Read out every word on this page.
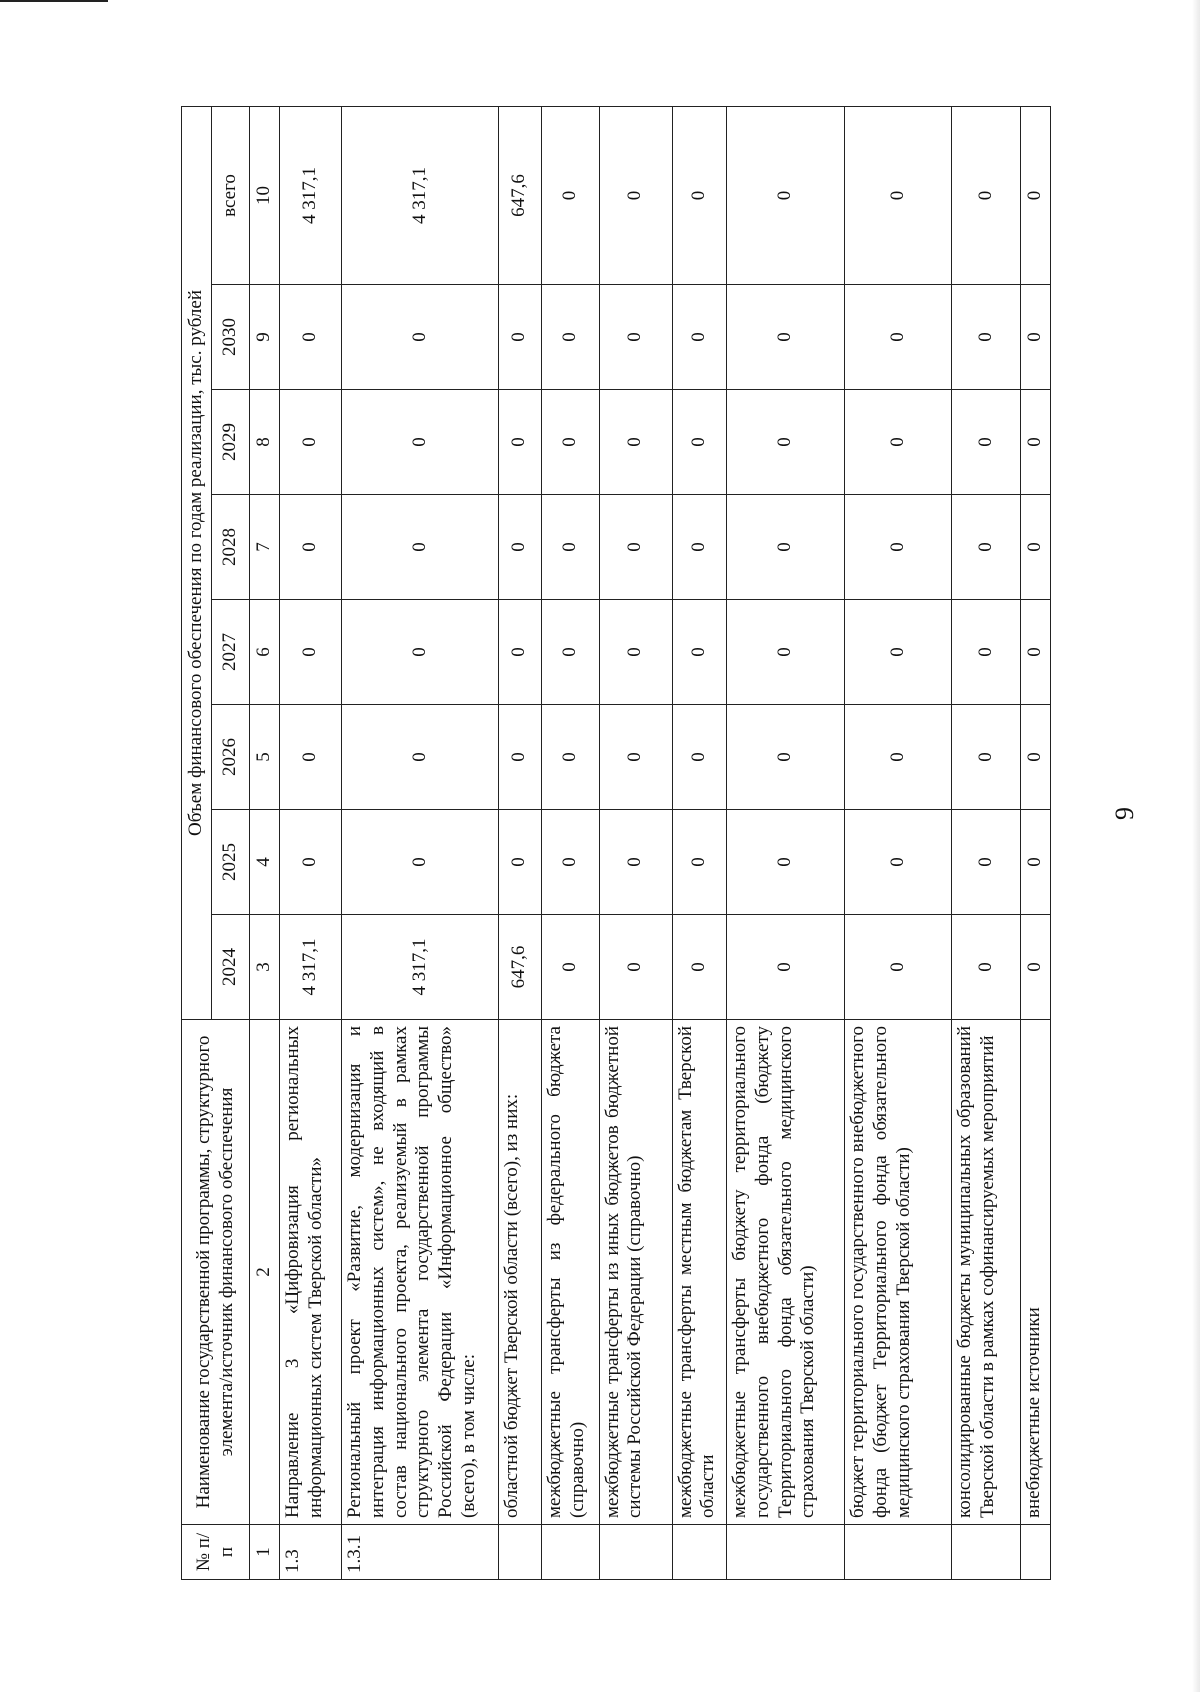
9
№ п/п	Наименование государственной программы, структурного элемента/источник финансового обеспечения	Объем финансового обеспечения по годам реализации, тыс. рублей							
		2024	2025	2026	2027	2028	2029	2030	всего
1	2	3	4	5	6	7	8	9	10
1.3	Направление 3 «Цифровизация региональных информационных систем Тверской области»	4 317,1	0	0	0	0	0	0	4 317,1
1.3.1	Региональный проект «Развитие, модернизация и интеграция информационных систем», не входящий в состав национального проекта, реализуемый в рамках структурного элемента государственной программы Российской Федерации «Информационное общество» (всего), в том числе:	4 317,1	0	0	0	0	0	0	4 317,1
	областной бюджет Тверской области (всего), из них:	647,6	0	0	0	0	0	0	647,6
	межбюджетные трансферты из федерального бюджета (справочно)	0	0	0	0	0	0	0	0
	межбюджетные трансферты из иных бюджетов бюджетной системы Российской Федерации (справочно)	0	0	0	0	0	0	0	0
	межбюджетные трансферты местным бюджетам Тверской области	0	0	0	0	0	0	0	0
	межбюджетные трансферты бюджету территориального государственного внебюджетного фонда (бюджету Территориального фонда обязательного медицинского страхования Тверской области)	0	0	0	0	0	0	0	0
	бюджет территориального государственного внебюджетного фонда (бюджет Территориального фонда обязательного медицинского страхования Тверской области)	0	0	0	0	0	0	0	0
	консолидированные бюджеты муниципальных образований Тверской области в рамках софинансируемых мероприятий	0	0	0	0	0	0	0	0
	внебюджетные источники	0	0	0	0	0	0	0	0
